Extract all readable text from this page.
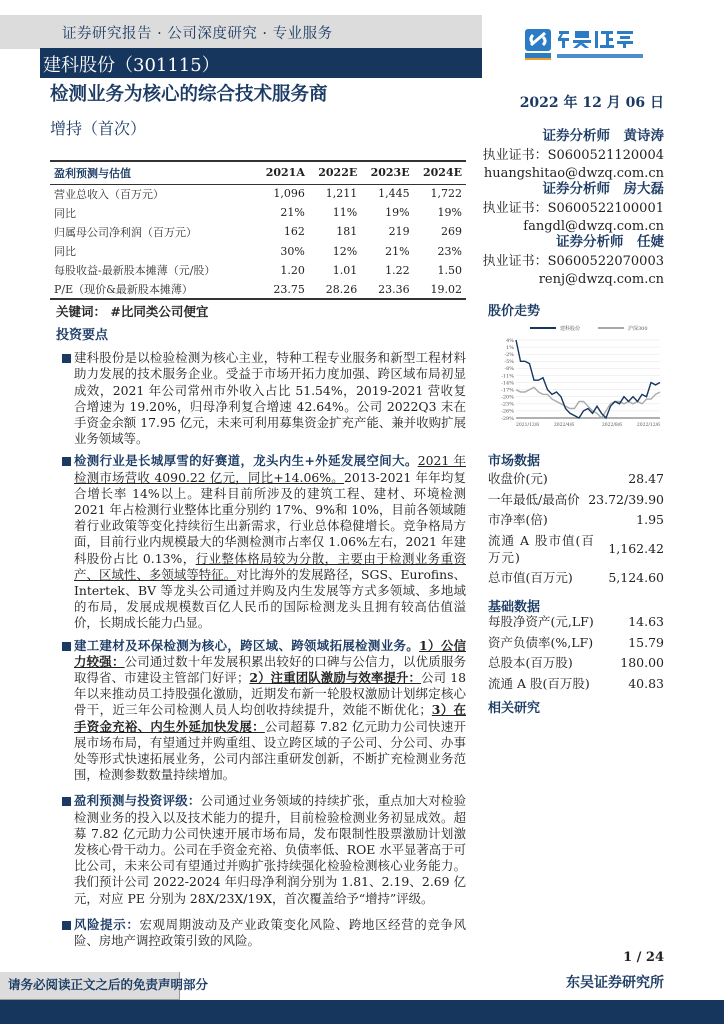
证券研究报告 · 公司深度研究 · 专业服务
建科股份（301115）
检测业务为核心的综合技术服务商
增持（首次）
2022 年 12 月 06 日
证券分析师　黄诗涛
执业证书：S0600521120004
huangshitao@dwzq.com.cn
证券分析师　房大磊
执业证书：S0600522100001
fangdl@dwzq.com.cn
证券分析师　任婕
执业证书：S0600522070003
renj@dwzq.com.cn
盈利预测与估值	2021A	2022E	2023E	2024E
营业总收入（百万元）	1,096	1,211	1,445	1,722
同比	21%	11%	19%	19%
归属母公司净利润（百万元）	162	181	219	269
同比	30%	12%	21%	23%
每股收益-最新股本摊薄（元/股）	1.20	1.01	1.22	1.50
P/E（现价&最新股本摊薄）	23.75	28.26	23.36	19.02
关键词： #比同类公司便宜
投资要点
建科股份是以检验检测为核心主业，特种工程专业服务和新型工程材料助力发展的技术服务企业。受益于市场开拓力度加强、跨区域布局初显成效，2021 年公司常州市外收入占比 51.54%，2019-2021 营收复合增速为 19.20%，归母净利复合增速 42.64%。公司 2022Q3 末在手资金余额 17.95 亿元，未来可利用募集资金扩充产能、兼并收购扩展业务领域等。
检测行业是长城厚雪的好赛道，龙头内生+外延发展空间大。2021 年检测市场营收 4090.22 亿元，同比+14.06%。2013-2021 年年均复合增长率 14%以上。建科目前所涉及的建筑工程、建材、环境检测 2021 年占检测行业整体比重分别约 17%、9%和 10%，目前各领域随着行业政策等变化持续衍生出新需求，行业总体稳健增长。竞争格局方面，目前行业内规模最大的华测检测市占率仅 1.06%左右，2021 年建科股份占比 0.13%，行业整体格局较为分散，主要由于检测业务重资产、区域性、多领域等特征。对比海外的发展路径，SGS、Eurofins、Intertek、BV 等龙头公司通过并购及内生发展等方式多领域、多地域的布局，发展成规模数百亿人民币的国际检测龙头且拥有较高估值溢价，长期成长能力凸显。
建工建材及环保检测为核心，跨区域、跨领域拓展检测业务。1）公信力较强：公司通过数十年发展积累出较好的口碑与公信力，以优质服务取得省、市建设主管部门好评；2）注重团队激励与效率提升：公司 18 年以来推动员工持股强化激励，近期发布新一轮股权激励计划绑定核心骨干，近三年公司检测人员人均创收持续提升，效能不断优化；3）在手资金充裕、内生外延加快发展：公司超募 7.82 亿元助力公司快速开展市场布局，有望通过并购重组、设立跨区域的子公司、分公司、办事处等形式快速拓展业务，公司内部注重研发创新，不断扩充检测业务范围，检测参数数量持续增加。
盈利预测与投资评级：公司通过业务领域的持续扩张，重点加大对检验检测业务的投入以及技术能力的提升，目前检验检测业务初显成效。超募 7.82 亿元助力公司快速开展市场布局，发布限制性股票激励计划激发核心骨干动力。公司在手资金充裕、负债率低、ROE 水平显著高于可比公司，未来公司有望通过并购扩张持续强化检验检测核心业务能力。我们预计公司 2022-2024 年归母净利润分别为 1.81、2.19、2.69 亿元，对应 PE 分别为 28X/23X/19X，首次覆盖给予“增持”评级。
风险提示：宏观周期波动及产业政策变化风险、跨地区经营的竞争风险、房地产调控政策引致的风险。
股价走势
建科股份	沪深300
4%
1%
-2%
-5%
-8%
-11%
-14%
-17%
-20%
-23%
-26%
-29%
2021/12/6	2022/4/6	2022/8/6	2022/12/6
市场数据
收盘价(元)	28.47
一年最低/最高价 23.72/39.90
市净率(倍)	1.95
流通 A 股市值(百万元)
1,162.42
总市值(百万元)	5,124.60
基础数据
每股净资产(元,LF)	14.63
资产负债率(%,LF)	15.79
总股本(百万股)	180.00
流通 A 股(百万股)	40.83
相关研究
1 / 24
东吴证券研究所
请务必阅读正文之后的免责声明部分
